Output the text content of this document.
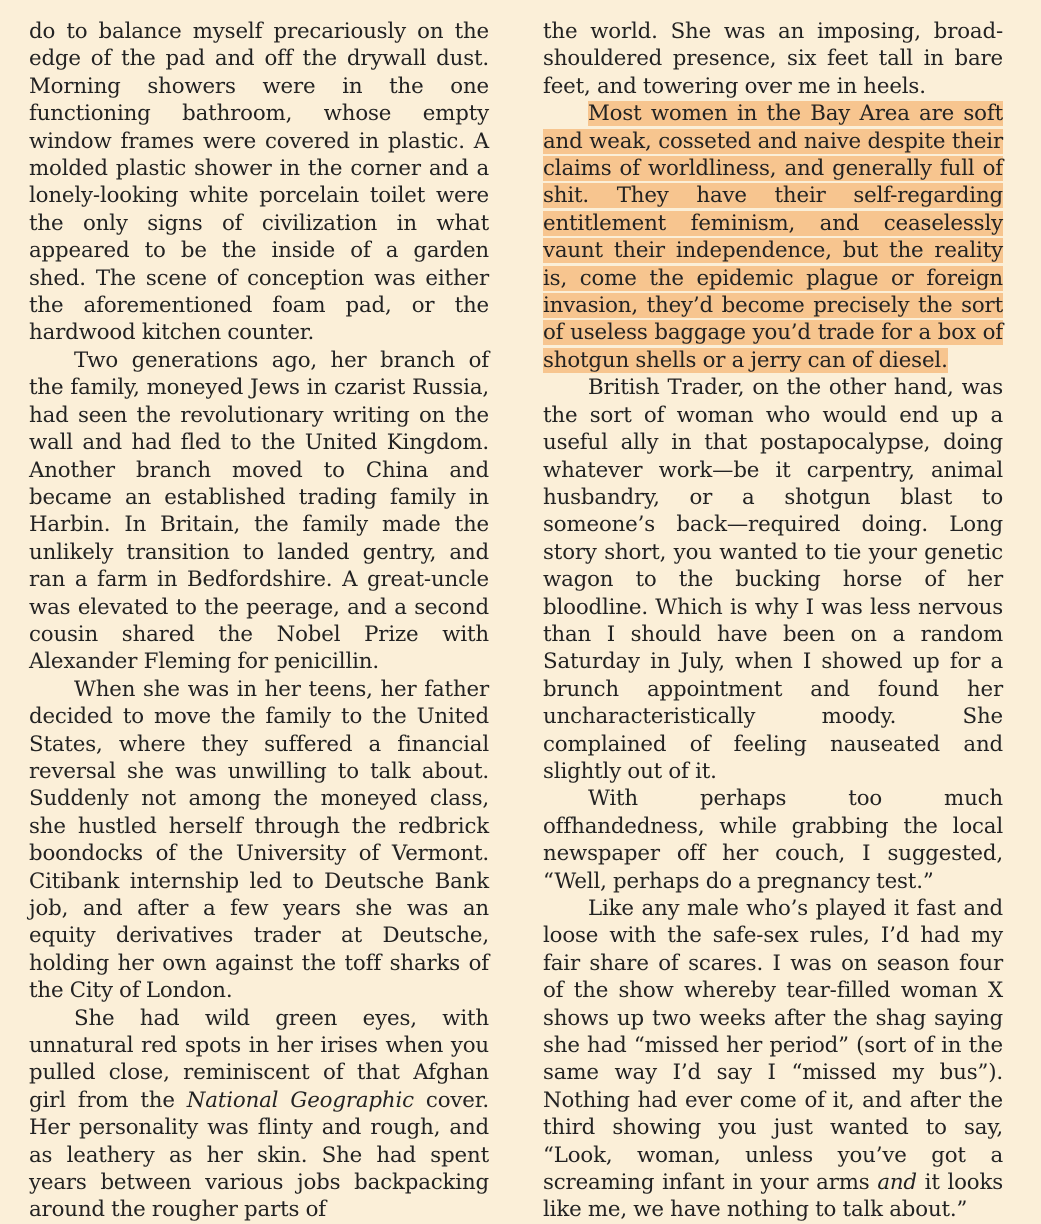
do to balance myself precariously on the edge of the pad and off the drywall dust. Morning showers were in the one functioning bathroom, whose empty window frames were covered in plastic. A molded plastic shower in the corner and a lonely-looking white porcelain toilet were the only signs of civilization in what appeared to be the inside of a garden shed. The scene of conception was either the aforementioned foam pad, or the hardwood kitchen counter.

Two generations ago, her branch of the family, moneyed Jews in czarist Russia, had seen the revolutionary writing on the wall and had fled to the United Kingdom. Another branch moved to China and became an established trading family in Harbin. In Britain, the family made the unlikely transition to landed gentry, and ran a farm in Bedfordshire. A great-uncle was elevated to the peerage, and a second cousin shared the Nobel Prize with Alexander Fleming for penicillin.

When she was in her teens, her father decided to move the family to the United States, where they suffered a financial reversal she was unwilling to talk about. Suddenly not among the moneyed class, she hustled herself through the redbrick boondocks of the University of Vermont. Citibank internship led to Deutsche Bank job, and after a few years she was an equity derivatives trader at Deutsche, holding her own against the toff sharks of the City of London.

She had wild green eyes, with unnatural red spots in her irises when you pulled close, reminiscent of that Afghan girl from the National Geographic cover. Her personality was flinty and rough, and as leathery as her skin. She had spent years between various jobs backpacking around the rougher parts of

the world. She was an imposing, broad-shouldered presence, six feet tall in bare feet, and towering over me in heels.

Most women in the Bay Area are soft and weak, cosseted and naive despite their claims of worldliness, and generally full of shit. They have their self-regarding entitlement feminism, and ceaselessly vaunt their independence, but the reality is, come the epidemic plague or foreign invasion, they’d become precisely the sort of useless baggage you’d trade for a box of shotgun shells or a jerry can of diesel.

British Trader, on the other hand, was the sort of woman who would end up a useful ally in that postapocalypse, doing whatever work—be it carpentry, animal husbandry, or a shotgun blast to someone’s back—required doing. Long story short, you wanted to tie your genetic wagon to the bucking horse of her bloodline. Which is why I was less nervous than I should have been on a random Saturday in July, when I showed up for a brunch appointment and found her uncharacteristically moody. She complained of feeling nauseated and slightly out of it.

With perhaps too much offhandedness, while grabbing the local newspaper off her couch, I suggested, “Well, perhaps do a pregnancy test.”

Like any male who’s played it fast and loose with the safe-sex rules, I’d had my fair share of scares. I was on season four of the show whereby tear-filled woman X shows up two weeks after the shag saying she had “missed her period” (sort of in the same way I’d say I “missed my bus”). Nothing had ever come of it, and after the third showing you just wanted to say, “Look, woman, unless you’ve got a screaming infant in your arms and it looks like me, we have nothing to talk about.”
